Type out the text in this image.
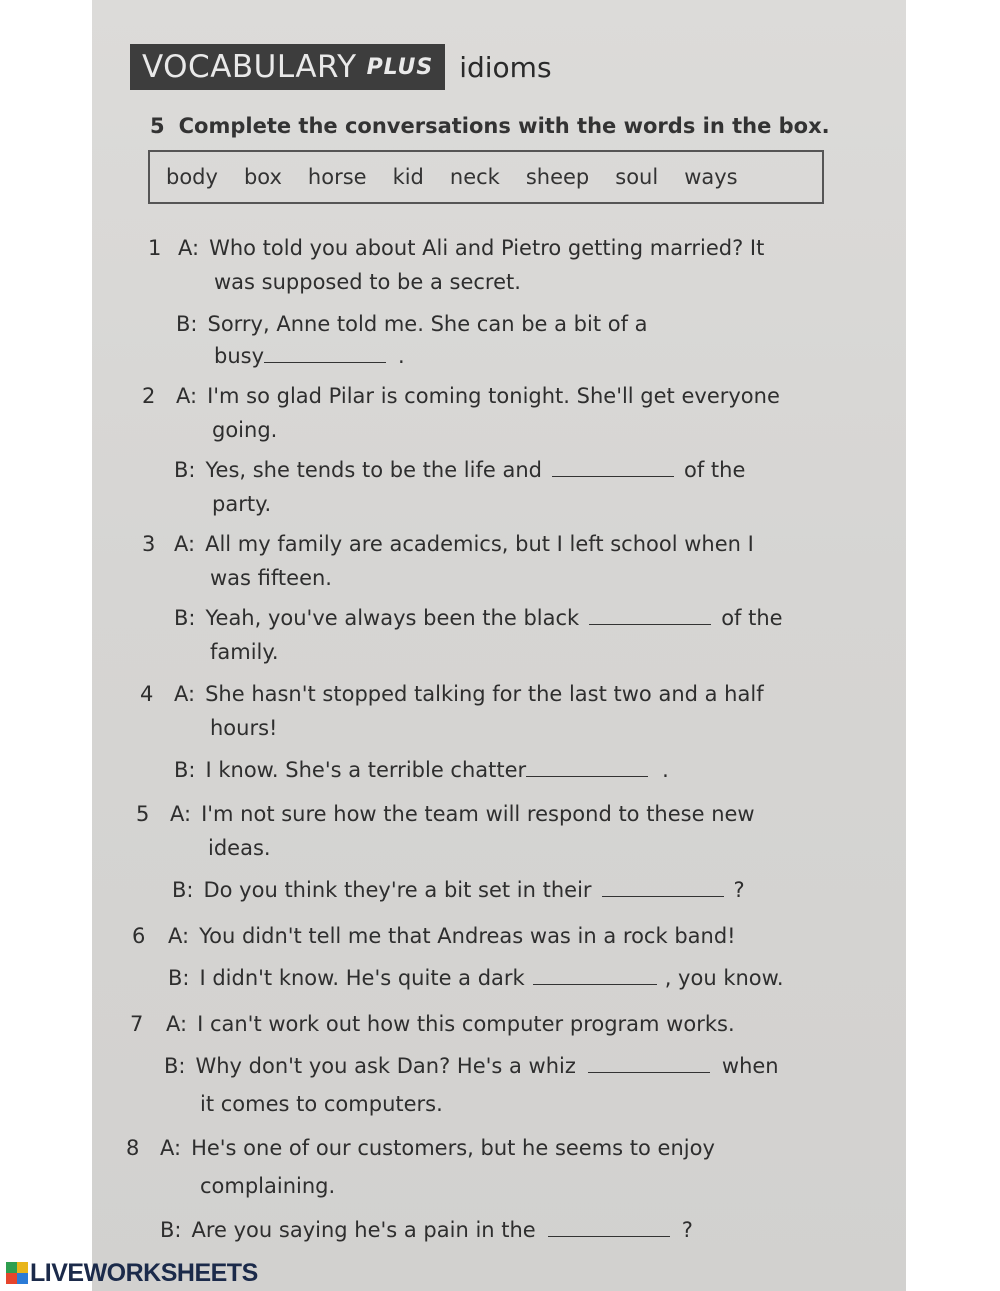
VOCABULARY PLUS idioms
5 Complete the conversations with the words in the box.
body box horse kid neck sheep soul ways
1 A: Who told you about Ali and Pietro getting married? It
was supposed to be a secret.
B: Sorry, Anne told me. She can be a bit of a
busy	.
2 A: I'm so glad Pilar is coming tonight. She'll get everyone
going.
B: Yes, she tends to be the life and	of the
party.
3 A: All my family are academics, but I left school when I
was fifteen.
B: Yeah, you've always been the black	of the
family.
4 A: She hasn't stopped talking for the last two and a half
hours!
B: I know. She's a terrible chatter	.
5 A: I'm not sure how the team will respond to these new
ideas.
B: Do you think they're a bit set in their	?
6 A: You didn't tell me that Andreas was in a rock band!
B: I didn't know. He's quite a dark	, you know.
7 A: I can't work out how this computer program works.
B: Why don't you ask Dan? He's a whiz	when
it comes to computers.
8 A: He's one of our customers, but he seems to enjoy
complaining.
B: Are you saying he's a pain in the	?
LIVEWORKSHEETS
